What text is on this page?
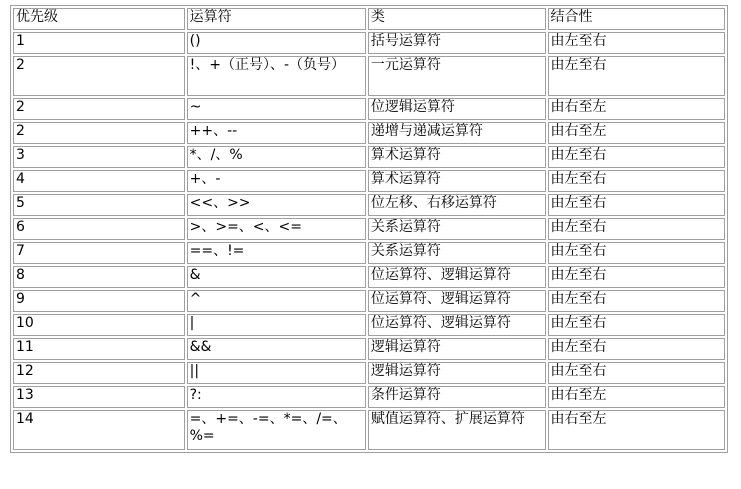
优先级	运算符	类	结合性
1	()	括号运算符	由左至右
2	!、+（正号）、-（负号）	一元运算符	由左至右
2	~	位逻辑运算符	由右至左
2	++、--	递增与递减运算符	由右至左
3	*、/、%	算术运算符	由左至右
4	+、-	算术运算符	由左至右
5	<<、>>	位左移、右移运算符	由左至右
6	>、>=、<、<=	关系运算符	由左至右
7	==、!=	关系运算符	由左至右
8	&	位运算符、逻辑运算符	由左至右
9	^	位运算符、逻辑运算符	由左至右
10	|	位运算符、逻辑运算符	由左至右
11	&&	逻辑运算符	由左至右
12	||	逻辑运算符	由左至右
13	?:	条件运算符	由右至左
14	=、+=、-=、*=、/=、%=	赋值运算符、扩展运算符	由右至左
